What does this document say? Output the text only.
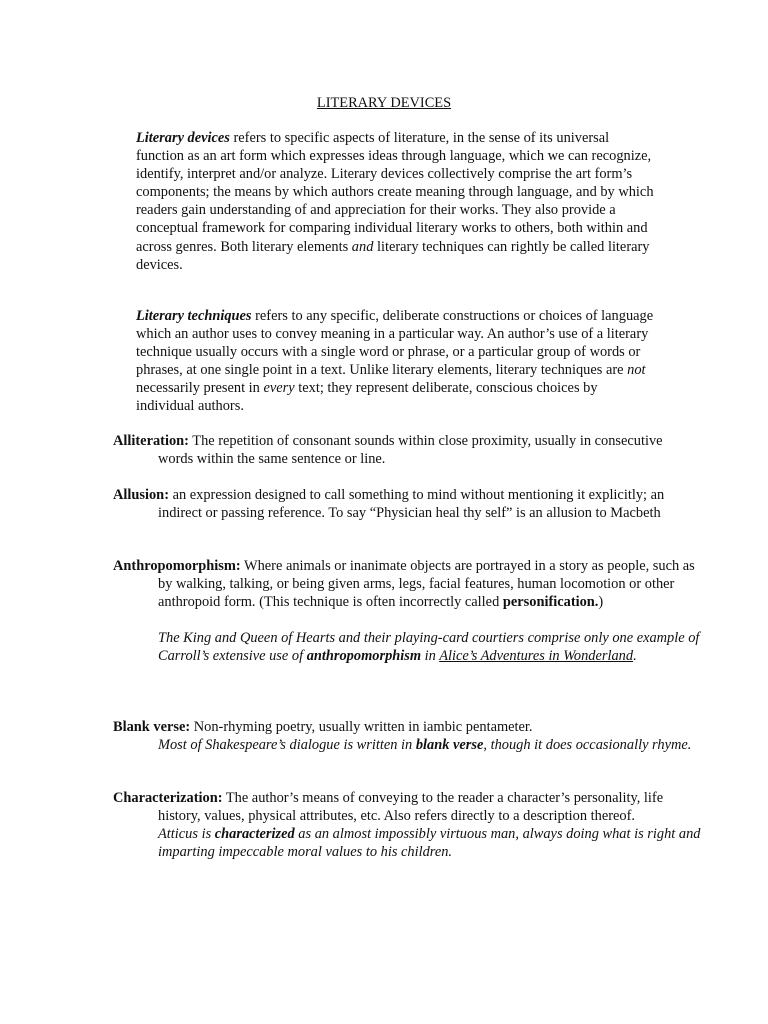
LITERARY DEVICES

Literary devices refers to specific aspects of literature, in the sense of its universal function as an art form which expresses ideas through language, which we can recognize, identify, interpret and/or analyze. Literary devices collectively comprise the art form’s components; the means by which authors create meaning through language, and by which readers gain understanding of and appreciation for their works. They also provide a conceptual framework for comparing individual literary works to others, both within and across genres. Both literary elements and literary techniques can rightly be called literary devices.

Literary techniques refers to any specific, deliberate constructions or choices of language which an author uses to convey meaning in a particular way. An author’s use of a literary technique usually occurs with a single word or phrase, or a particular group of words or phrases, at one single point in a text. Unlike literary elements, literary techniques are not necessarily present in every text; they represent deliberate, conscious choices by individual authors.

Alliteration: The repetition of consonant sounds within close proximity, usually in consecutive words within the same sentence or line.

Allusion: an expression designed to call something to mind without mentioning it explicitly; an indirect or passing reference. To say “Physician heal thy self” is an allusion to Macbeth

Anthropomorphism: Where animals or inanimate objects are portrayed in a story as people, such as by walking, talking, or being given arms, legs, facial features, human locomotion or other anthropoid form. (This technique is often incorrectly called personification.)
The King and Queen of Hearts and their playing-card courtiers comprise only one example of Carroll’s extensive use of anthropomorphism in Alice’s Adventures in Wonderland.

Blank verse: Non-rhyming poetry, usually written in iambic pentameter.
Most of Shakespeare’s dialogue is written in blank verse, though it does occasionally rhyme.

Characterization: The author’s means of conveying to the reader a character’s personality, life history, values, physical attributes, etc. Also refers directly to a description thereof.
Atticus is characterized as an almost impossibly virtuous man, always doing what is right and imparting impeccable moral values to his children.
